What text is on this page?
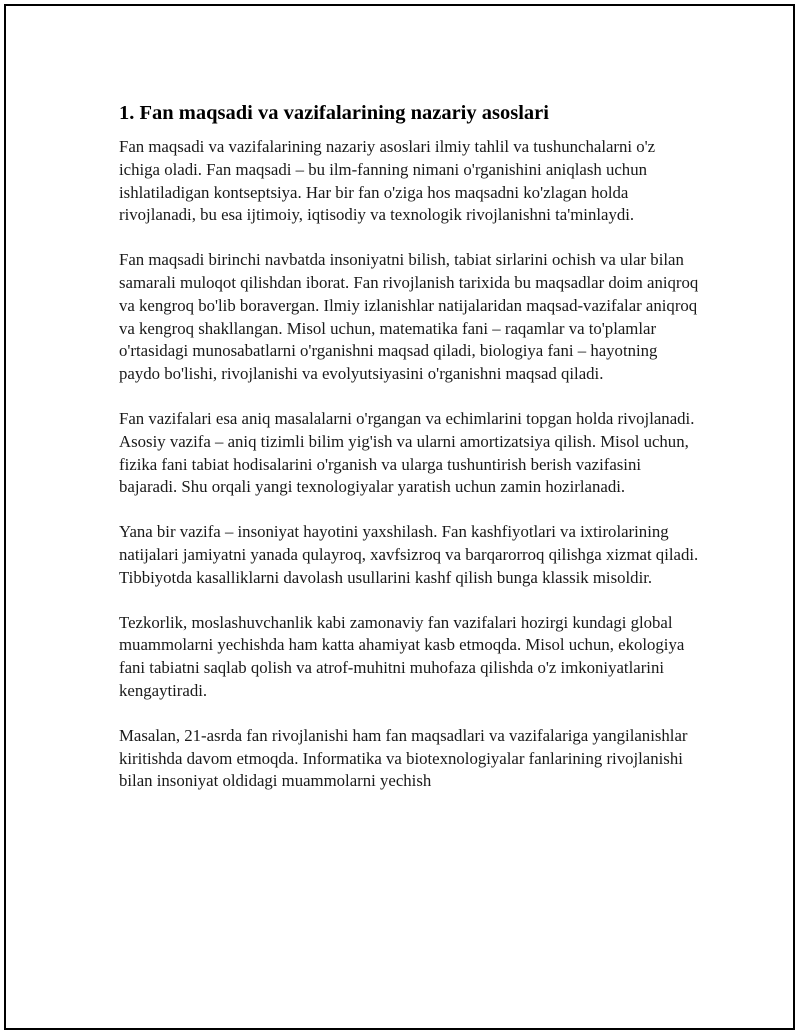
1. Fan maqsadi va vazifalarining nazariy asoslari

Fan maqsadi va vazifalarining nazariy asoslari ilmiy tahlil va tushunchalarni o'z ichiga oladi. Fan maqsadi – bu ilm-fanning nimani o'rganishini aniqlash uchun ishlatiladigan kontseptsiya. Har bir fan o'ziga hos maqsadni ko'zlagan holda rivojlanadi, bu esa ijtimoiy, iqtisodiy va texnologik rivojlanishni ta'minlaydi.

Fan maqsadi birinchi navbatda insoniyatni bilish, tabiat sirlarini ochish va ular bilan samarali muloqot qilishdan iborat. Fan rivojlanish tarixida bu maqsadlar doim aniqroq va kengroq bo'lib boravergan. Ilmiy izlanishlar natijalaridan maqsad-vazifalar aniqroq va kengroq shakllangan. Misol uchun, matematika fani – raqamlar va to'plamlar o'rtasidagi munosabatlarni o'rganishni maqsad qiladi, biologiya fani – hayotning paydo bo'lishi, rivojlanishi va evolyutsiyasini o'rganishni maqsad qiladi.

Fan vazifalari esa aniq masalalarni o'rgangan va echimlarini topgan holda rivojlanadi. Asosiy vazifa – aniq tizimli bilim yig'ish va ularni amortizatsiya qilish. Misol uchun, fizika fani tabiat hodisalarini o'rganish va ularga tushuntirish berish vazifasini bajaradi. Shu orqali yangi texnologiyalar yaratish uchun zamin hozirlanadi.

Yana bir vazifa – insoniyat hayotini yaxshilash. Fan kashfiyotlari va ixtirolarining natijalari jamiyatni yanada qulayroq, xavfsizroq va barqarorroq qilishga xizmat qiladi. Tibbiyotda kasalliklarni davolash usullarini kashf qilish bunga klassik misoldir.

Tezkorlik, moslashuvchanlik kabi zamonaviy fan vazifalari hozirgi kundagi global muammolarni yechishda ham katta ahamiyat kasb etmoqda. Misol uchun, ekologiya fani tabiatni saqlab qolish va atrof-muhitni muhofaza qilishda o'z imkoniyatlarini kengaytiradi.

Masalan, 21-asrda fan rivojlanishi ham fan maqsadlari va vazifalariga yangilanishlar kiritishda davom etmoqda. Informatika va biotexnologiyalar fanlarining rivojlanishi bilan insoniyat oldidagi muammolarni yechish
